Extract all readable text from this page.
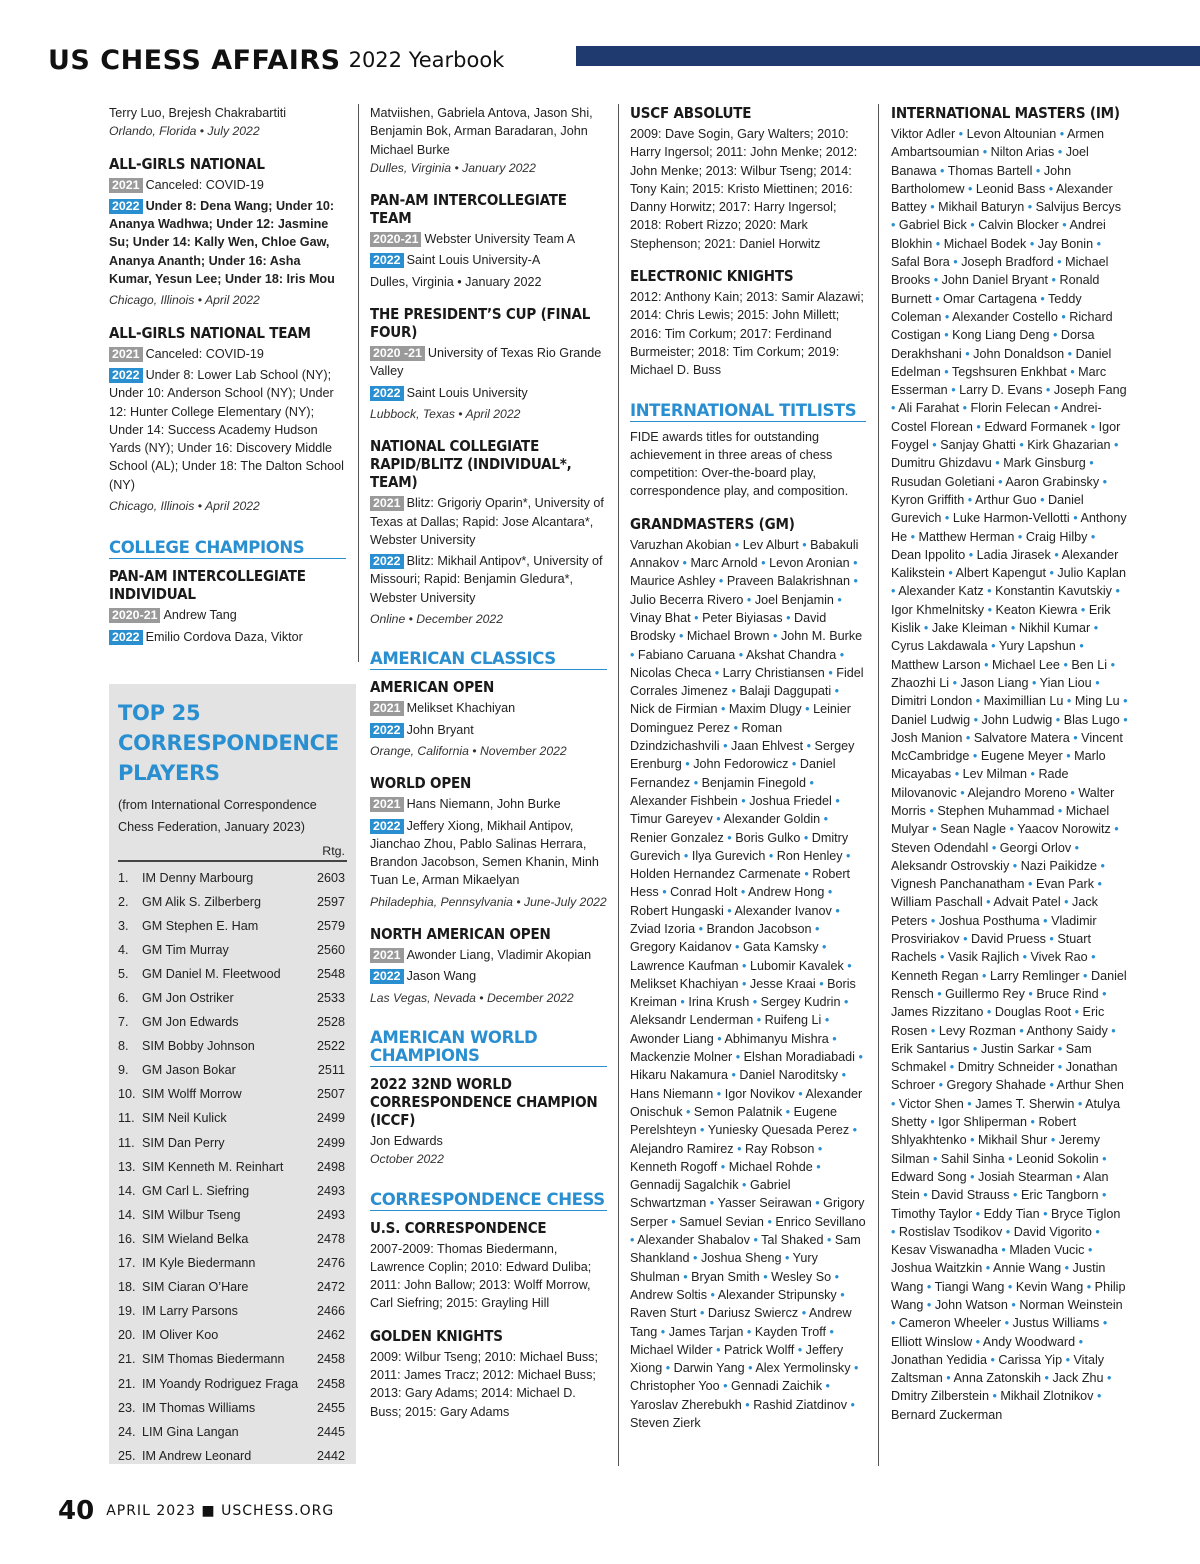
US CHESS AFFAIRS 2022 Yearbook
Terry Luo, Brejesh Chakrabartiti
Orlando, Florida • July 2022
ALL-GIRLS NATIONAL
2021 Canceled: COVID-19
2022 Under 8: Dena Wang; Under 10: Ananya Wadhwa; Under 12: Jasmine Su; Under 14: Kally Wen, Chloe Gaw, Ananya Ananth; Under 16: Asha Kumar, Yesun Lee; Under 18: Iris Mou
Chicago, Illinois • April 2022
ALL-GIRLS NATIONAL TEAM
2021 Canceled: COVID-19
2022 Under 8: Lower Lab School (NY); Under 10: Anderson School (NY); Under 12: Hunter College Elementary (NY); Under 14: Success Academy Hudson Yards (NY); Under 16: Discovery Middle School (AL); Under 18: The Dalton School (NY)
Chicago, Illinois • April 2022
COLLEGE CHAMPIONS
PAN-AM INTERCOLLEGIATE INDIVIDUAL
2020-21 Andrew Tang
2022 Emilio Cordova Daza, Viktor
TOP 25 CORRESPONDENCE PLAYERS
(from International Correspondence Chess Federation, January 2023)
Rtg.
1.	IM Denny Marbourg	2603
2.	GM Alik S. Zilberberg	2597
3.	GM Stephen E. Ham	2579
4.	GM Tim Murray	2560
5.	GM Daniel M. Fleetwood	2548
6.	GM Jon Ostriker	2533
7.	GM Jon Edwards	2528
8.	SIM Bobby Johnson	2522
9.	GM Jason Bokar	2511
10.	SIM Wolff Morrow	2507
11.	SIM Neil Kulick	2499
11.	SIM Dan Perry	2499
13.	SIM Kenneth M. Reinhart	2498
14.	GM Carl L. Siefring	2493
14.	SIM Wilbur Tseng	2493
16.	SIM Wieland Belka	2478
17.	IM Kyle Biedermann	2476
18.	SIM Ciaran O’Hare	2472
19.	IM Larry Parsons	2466
20.	IM Oliver Koo	2462
21.	SIM Thomas Biedermann	2458
21.	IM Yoandy Rodriguez Fraga	2458
23.	IM Thomas Williams	2455
24.	LIM Gina Langan	2445
25.	IM Andrew Leonard	2442
Matviishen, Gabriela Antova, Jason Shi, Benjamin Bok, Arman Baradaran, John Michael Burke
Dulles, Virginia • January 2022
PAN-AM INTERCOLLEGIATE TEAM
2020-21 Webster University Team A
2022 Saint Louis University-A
Dulles, Virginia • January 2022
THE PRESIDENT’S CUP (FINAL FOUR)
2020 -21 University of Texas Rio Grande Valley
2022 Saint Louis University
Lubbock, Texas • April 2022
NATIONAL COLLEGIATE RAPID/BLITZ (INDIVIDUAL*, TEAM)
2021 Blitz: Grigoriy Oparin*, University of Texas at Dallas; Rapid: Jose Alcantara*, Webster University
2022 Blitz: Mikhail Antipov*, University of Missouri; Rapid: Benjamin Gledura*, Webster University
Online • December 2022
AMERICAN CLASSICS
AMERICAN OPEN
2021 Melikset Khachiyan
2022 John Bryant
Orange, California • November 2022
WORLD OPEN
2021 Hans Niemann, John Burke
2022 Jeffery Xiong, Mikhail Antipov, Jianchao Zhou, Pablo Salinas Herrara, Brandon Jacobson, Semen Khanin, Minh Tuan Le, Arman Mikaelyan
Philadephia, Pennsylvania • June-July 2022
NORTH AMERICAN OPEN
2021 Awonder Liang, Vladimir Akopian
2022 Jason Wang
Las Vegas, Nevada • December 2022
AMERICAN WORLD CHAMPIONS
2022 32ND WORLD CORRESPONDENCE CHAMPION (ICCF)
Jon Edwards
October 2022
CORRESPONDENCE CHESS
U.S. CORRESPONDENCE
2007-2009: Thomas Biedermann, Lawrence Coplin; 2010: Edward Duliba; 2011: John Ballow; 2013: Wolff Morrow, Carl Siefring; 2015: Grayling Hill
GOLDEN KNIGHTS
2009: Wilbur Tseng; 2010: Michael Buss; 2011: James Tracz; 2012: Michael Buss; 2013: Gary Adams; 2014: Michael D. Buss; 2015: Gary Adams
USCF ABSOLUTE
2009: Dave Sogin, Gary Walters; 2010: Harry Ingersol; 2011: John Menke; 2012: John Menke; 2013: Wilbur Tseng; 2014: Tony Kain; 2015: Kristo Miettinen; 2016: Danny Horwitz; 2017: Harry Ingersol; 2018: Robert Rizzo; 2020: Mark Stephenson; 2021: Daniel Horwitz
ELECTRONIC KNIGHTS
2012: Anthony Kain; 2013: Samir Alazawi; 2014: Chris Lewis; 2015: John Millett; 2016: Tim Corkum; 2017: Ferdinand Burmeister; 2018: Tim Corkum; 2019: Michael D. Buss
INTERNATIONAL TITLISTS
FIDE awards titles for outstanding achievement in three areas of chess competition: Over-the-board play, correspondence play, and composition.
GRANDMASTERS (GM)
Varuzhan Akobian • Lev Alburt • Babakuli Annakov • Marc Arnold • Levon Aronian • Maurice Ashley • Praveen Balakrishnan • Julio Becerra Rivero • Joel Benjamin • Vinay Bhat • Peter Biyiasas • David Brodsky • Michael Brown • John M. Burke • Fabiano Caruana • Akshat Chandra • Nicolas Checa • Larry Christiansen • Fidel Corrales Jimenez • Balaji Daggupati • Nick de Firmian • Maxim Dlugy • Leinier Dominguez Perez • Roman Dzindzichashvili • Jaan Ehlvest • Sergey Erenburg • John Fedorowicz • Daniel Fernandez • Benjamin Finegold • Alexander Fishbein • Joshua Friedel • Timur Gareyev • Alexander Goldin • Renier Gonzalez • Boris Gulko • Dmitry Gurevich • Ilya Gurevich • Ron Henley • Holden Hernandez Carmenate • Robert Hess • Conrad Holt • Andrew Hong • Robert Hungaski • Alexander Ivanov • Zviad Izoria • Brandon Jacobson • Gregory Kaidanov • Gata Kamsky • Lawrence Kaufman • Lubomir Kavalek • Melikset Khachiyan • Jesse Kraai • Boris Kreiman • Irina Krush • Sergey Kudrin • Aleksandr Lenderman • Ruifeng Li • Awonder Liang • Abhimanyu Mishra • Mackenzie Molner • Elshan Moradiabadi • Hikaru Nakamura • Daniel Naroditsky • Hans Niemann • Igor Novikov • Alexander Onischuk • Semon Palatnik • Eugene Perelshteyn • Yuniesky Quesada Perez • Alejandro Ramirez • Ray Robson • Kenneth Rogoff • Michael Rohde • Gennadij Sagalchik • Gabriel Schwartzman • Yasser Seirawan • Grigory Serper • Samuel Sevian • Enrico Sevillano • Alexander Shabalov • Tal Shaked • Sam Shankland • Joshua Sheng • Yury Shulman • Bryan Smith • Wesley So • Andrew Soltis • Alexander Stripunsky • Raven Sturt • Dariusz Swiercz • Andrew Tang • James Tarjan • Kayden Troff • Michael Wilder • Patrick Wolff • Jeffery Xiong • Darwin Yang • Alex Yermolinsky • Christopher Yoo • Gennadi Zaichik • Yaroslav Zherebukh • Rashid Ziatdinov • Steven Zierk
INTERNATIONAL MASTERS (IM)
Viktor Adler • Levon Altounian • Armen Ambartsoumian • Nilton Arias • Joel Banawa • Thomas Bartell • John Bartholomew • Leonid Bass • Alexander Battey • Mikhail Baturyn • Salvijus Bercys • Gabriel Bick • Calvin Blocker • Andrei Blokhin • Michael Bodek • Jay Bonin • Safal Bora • Joseph Bradford • Michael Brooks • John Daniel Bryant • Ronald Burnett • Omar Cartagena • Teddy Coleman • Alexander Costello • Richard Costigan • Kong Liang Deng • Dorsa Derakhshani • John Donaldson • Daniel Edelman • Tegshsuren Enkhbat • Marc Esserman • Larry D. Evans • Joseph Fang • Ali Farahat • Florin Felecan • Andrei-Costel Florean • Edward Formanek • Igor Foygel • Sanjay Ghatti • Kirk Ghazarian • Dumitru Ghizdavu • Mark Ginsburg • Rusudan Goletiani • Aaron Grabinsky • Kyron Griffith • Arthur Guo • Daniel Gurevich • Luke Harmon-Vellotti • Anthony He • Matthew Herman • Craig Hilby • Dean Ippolito • Ladia Jirasek • Alexander Kalikstein • Albert Kapengut • Julio Kaplan • Alexander Katz • Konstantin Kavutskiy • Igor Khmelnitsky • Keaton Kiewra • Erik Kislik • Jake Kleiman • Nikhil Kumar • Cyrus Lakdawala • Yury Lapshun • Matthew Larson • Michael Lee • Ben Li • Zhaozhi Li • Jason Liang • Yian Liou • Dimitri London • Maximillian Lu • Ming Lu • Daniel Ludwig • John Ludwig • Blas Lugo • Josh Manion • Salvatore Matera • Vincent McCambridge • Eugene Meyer • Marlo Micayabas • Lev Milman • Rade Milovanovic • Alejandro Moreno • Walter Morris • Stephen Muhammad • Michael Mulyar • Sean Nagle • Yaacov Norowitz • Steven Odendahl • Georgi Orlov • Aleksandr Ostrovskiy • Nazi Paikidze • Vignesh Panchanatham • Evan Park • William Paschall • Advait Patel • Jack Peters • Joshua Posthuma • Vladimir Prosviriakov • David Pruess • Stuart Rachels • Vasik Rajlich • Vivek Rao • Kenneth Regan • Larry Remlinger • Daniel Rensch • Guillermo Rey • Bruce Rind • James Rizzitano • Douglas Root • Eric Rosen • Levy Rozman • Anthony Saidy • Erik Santarius • Justin Sarkar • Sam Schmakel • Dmitry Schneider • Jonathan Schroer • Gregory Shahade • Arthur Shen • Victor Shen • James T. Sherwin • Atulya Shetty • Igor Shliperman • Robert Shlyakhtenko • Mikhail Shur • Jeremy Silman • Sahil Sinha • Leonid Sokolin • Edward Song • Josiah Stearman • Alan Stein • David Strauss • Eric Tangborn • Timothy Taylor • Eddy Tian • Bryce Tiglon • Rostislav Tsodikov • David Vigorito • Kesav Viswanadha • Mladen Vucic • Joshua Waitzkin • Annie Wang • Justin Wang • Tiangi Wang • Kevin Wang • Philip Wang • John Watson • Norman Weinstein • Cameron Wheeler • Justus Williams • Elliott Winslow • Andy Woodward • Jonathan Yedidia • Carissa Yip • Vitaly Zaltsman • Anna Zatonskih • Jack Zhu • Dmitry Zilberstein • Mikhail Zlotnikov • Bernard Zuckerman
40 APRIL 2023 ■ USCHESS.ORG
